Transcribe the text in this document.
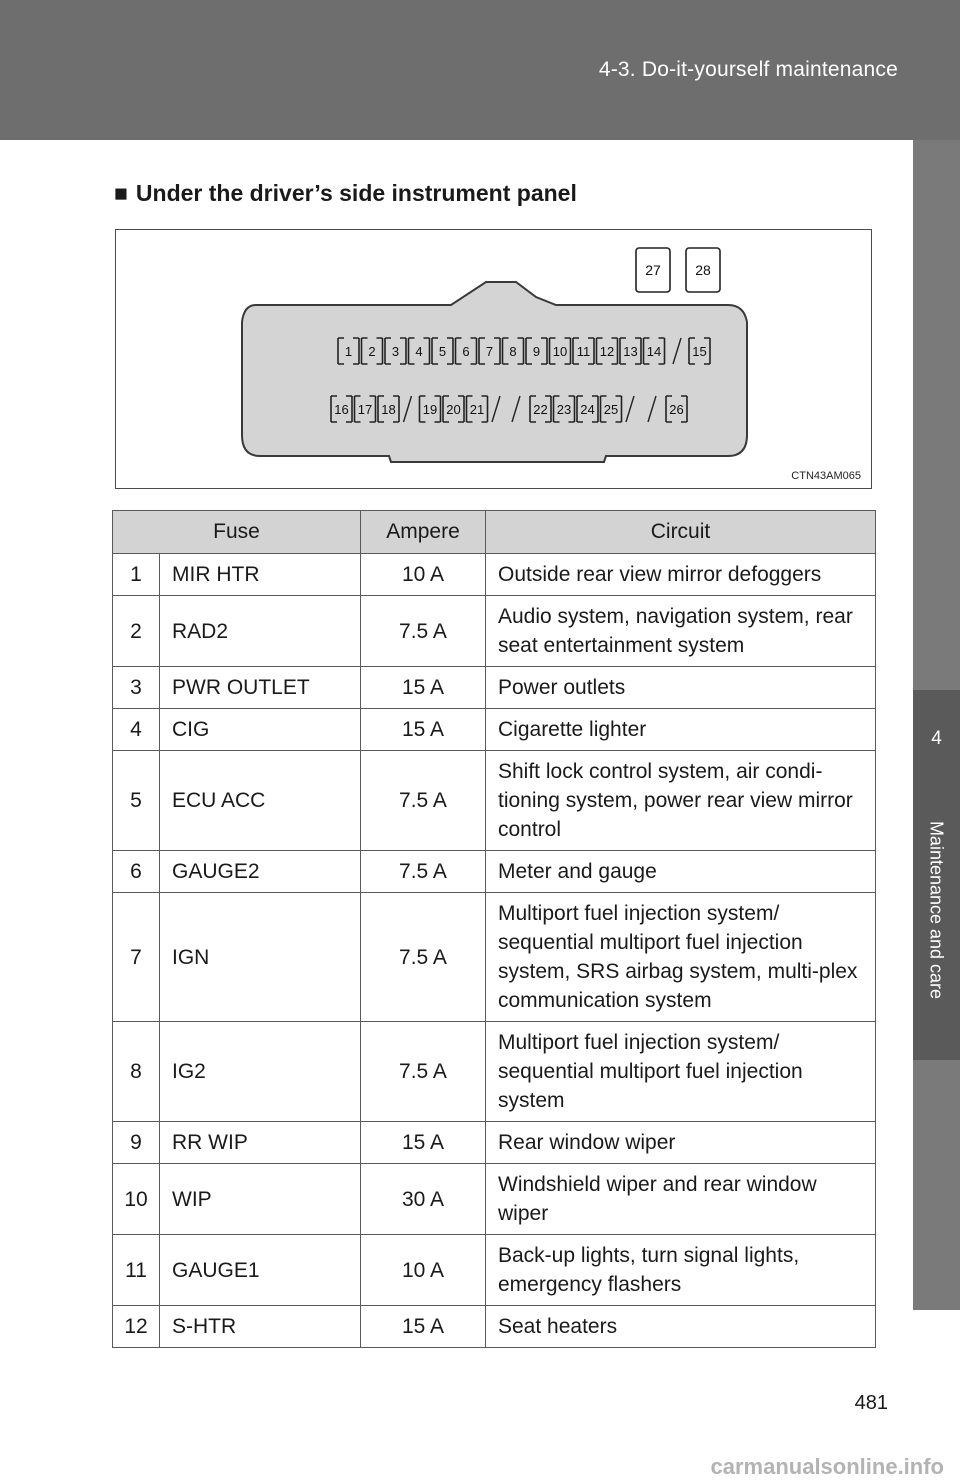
4-3. Do-it-yourself maintenance
4
Maintenance and care
■ Under the driver’s side instrument panel
1 2 3 4 5 6 7 8 9 10 11 12 13 14 15
16 17 18 19 20 21	22 23 24 25	26
27 28
CTN43AM065
Fuse		Ampere	Circuit
1	MIR HTR	10 A	Outside rear view mirror defoggers
2	RAD2	7.5 A	Audio system, navigation system, rear seat entertainment system
3	PWR OUTLET	15 A	Power outlets
4	CIG	15 A	Cigarette lighter
5	ECU ACC	7.5 A	Shift lock control system, air condi-tioning system, power rear view mirror control
6	GAUGE2	7.5 A	Meter and gauge
7	IGN	7.5 A	Multiport fuel injection system/ sequential multiport fuel injection system, SRS airbag system, multi-plex communication system
8	IG2	7.5 A	Multiport fuel injection system/ sequential multiport fuel injection system
9	RR WIP	15 A	Rear window wiper
10	WIP	30 A	Windshield wiper and rear window wiper
11	GAUGE1	10 A	Back-up lights, turn signal lights, emergency flashers
12	S-HTR	15 A	Seat heaters
481
carmanualsonline.info
